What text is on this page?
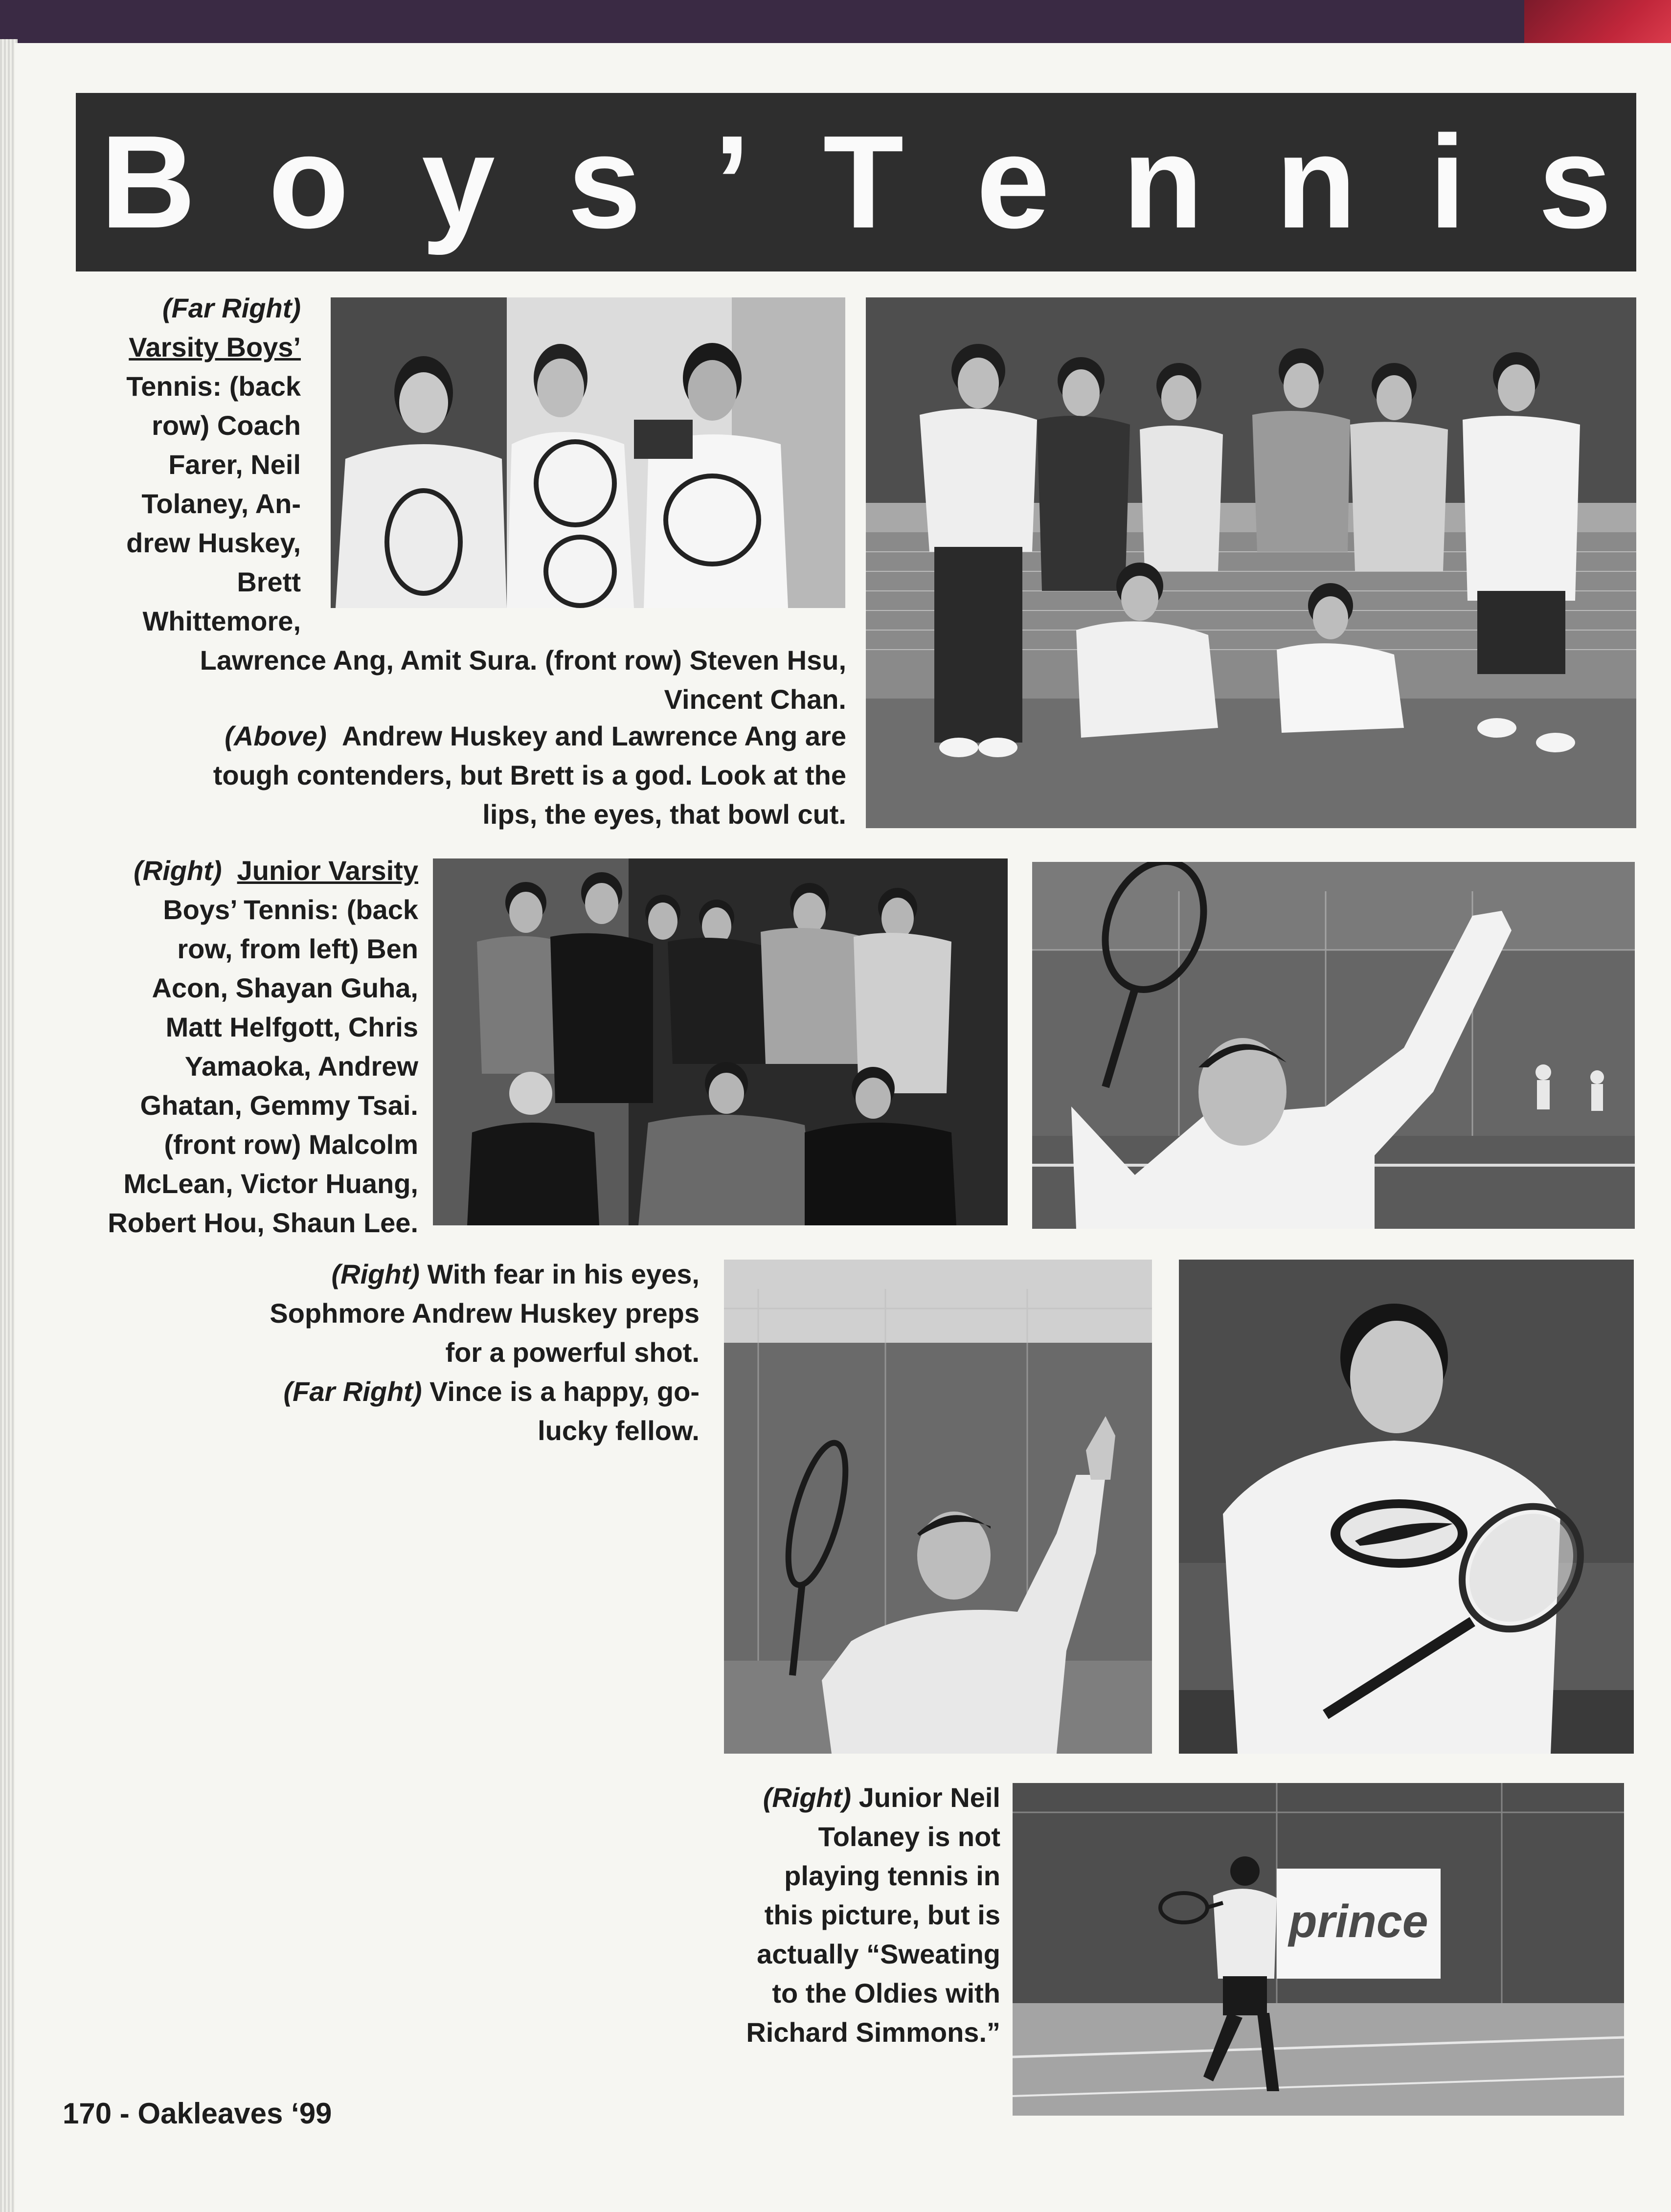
B o y s ’ T e n n i s
(Far Right)
Varsity Boys’
Tennis: (back
row) Coach
Farer, Neil
Tolaney, An-
drew Huskey,
Brett
Whittemore,
Lawrence Ang, Amit Sura. (front row) Steven Hsu,
Vincent Chan.
(Above) Andrew Huskey and Lawrence Ang are
tough contenders, but Brett is a god. Look at the
lips, the eyes, that bowl cut.
(Right) Junior Varsity
Boys’ Tennis: (back
row, from left) Ben
Acon, Shayan Guha,
Matt Helfgott, Chris
Yamaoka, Andrew
Ghatan, Gemmy Tsai.
(front row) Malcolm
McLean, Victor Huang,
Robert Hou, Shaun Lee.
(Right) With fear in his eyes,
Sophmore Andrew Huskey preps
for a powerful shot.
(Far Right) Vince is a happy, go-
lucky fellow.
(Right) Junior Neil
Tolaney is not
playing tennis in
this picture, but is
actually “Sweating
to the Oldies with
Richard Simmons.”
prince
170 - Oakleaves ‘99
